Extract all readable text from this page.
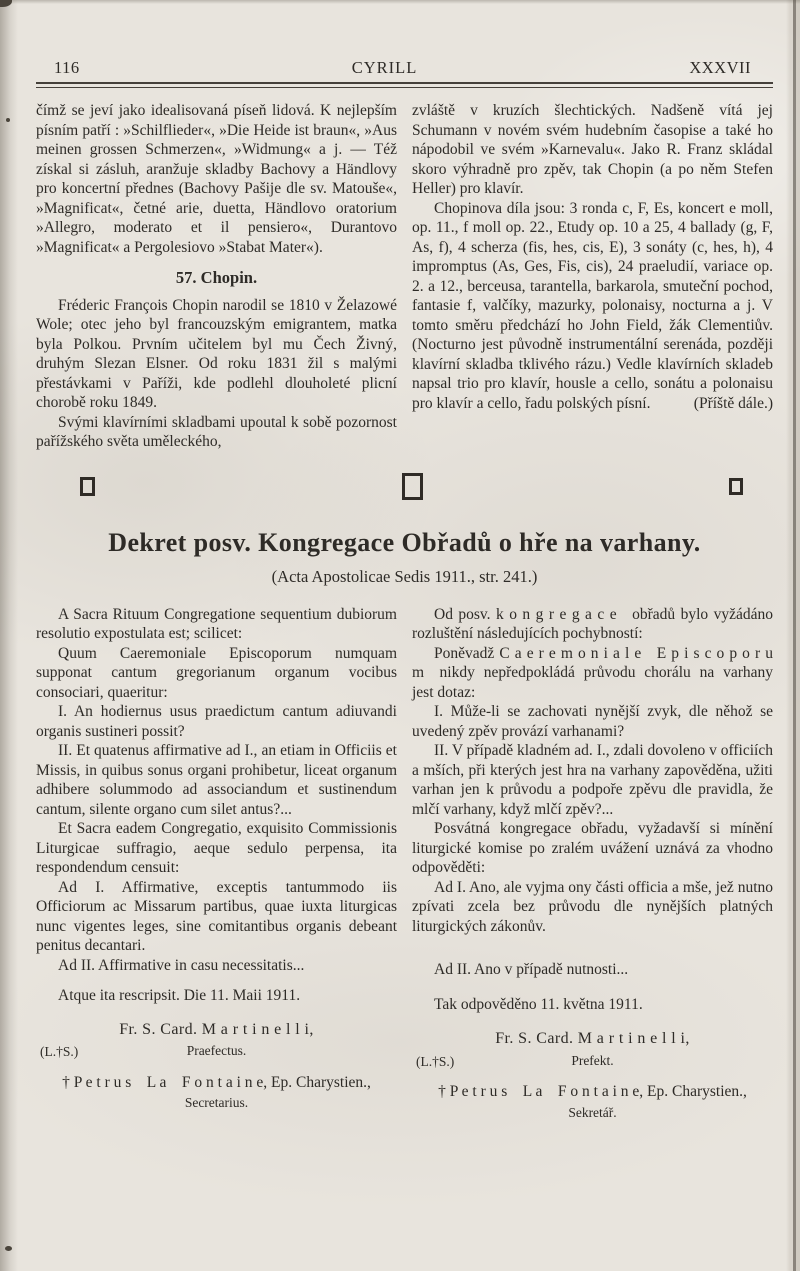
116	CYRILL	XXXVII

čímž se jeví jako idealisovaná píseň lidová. K nejlepším písním patří : »Schilflieder«, »Die Heide ist braun«, »Aus meinen grossen Schmerzen«, »Widmung« a j. — Též získal si zásluh, aranžuje skladby Bachovy a Händlovy pro koncertní přednes (Bachovy Pašije dle sv. Matouše«, »Magnificat«, četné arie, duetta, Händlovo oratorium »Allegro, moderato et il pensiero«, Durantovo »Magnificat« a Pergolesiovo »Stabat Mater«).

57. Chopin.

Fréderic François Chopin narodil se 1810 v Želazowé Wole; otec jeho byl francouzským emigrantem, matka byla Polkou. Prvním učitelem byl mu Čech Živný, druhým Slezan Elsner. Od roku 1831 žil s malými přestávkami v Paříži, kde podlehl dlouholeté plicní chorobě roku 1849.

Svými klavírními skladbami upoutal k sobě pozornost pařížského světa uměleckého,

zvláště v kruzích šlechtických. Nadšeně vítá jej Schumann v novém svém hudebním časopise a také ho nápodobil ve svém »Karnevalu«. Jako R. Franz skládal skoro výhradně pro zpěv, tak Chopin (a po něm Stefen Heller) pro klavír.

Chopinova díla jsou: 3 ronda c, F, Es, koncert e moll, op. 11., f moll op. 22., Etudy op. 10 a 25, 4 ballady (g, F, As, f), 4 scherza (fis, hes, cis, E), 3 sonáty (c, hes, h), 4 impromptus (As, Ges, Fis, cis), 24 praeludií, variace op. 2. a 12., berceusa, tarantella, barkarola, smuteční pochod, fantasie f, valčíky, mazurky, polonaisy, nocturna a j. V tomto směru předchází ho John Field, žák Clementiův. (Nocturno jest původně instrumentální serenáda, později klavírní skladba tklivého rázu.) Vedle klavírních skladeb napsal trio pro klavír, housle a cello, sonátu a polonaisu pro klavír a cello, řadu polských písní.	(Příště dále.)

Dekret posv. Kongregace Obřadů o hře na varhany.
(Acta Apostolicae Sedis 1911., str. 241.)

A Sacra Rituum Congregatione sequentium dubiorum resolutio expostulata est; scilicet:

Quum Caeremoniale Episcoporum numquam supponat cantum gregorianum organum vocibus consociari, quaeritur:

I. An hodiernus usus praedictum cantum adiuvandi organis sustineri possit?

II. Et quatenus affirmative ad I., an etiam in Officiis et Missis, in quibus sonus organi prohibetur, liceat organum adhibere solummodo ad associandum et sustinendum cantum, silente organo cum silet antus?...

Et Sacra eadem Congregatio, exquisito Commissionis Liturgicae suffragio, aeque sedulo perpensa, ita respondendum censuit:

Ad I. Affirmative, exceptis tantummodo iis Officiorum ac Missarum partibus, quae iuxta liturgicas nunc vigentes leges, sine comitantibus organis debeant penitus decantari.

Ad II. Affirmative in casu necessitatis...

Atque ita rescripsit. Die 11. Maii 1911.

Fr. S. Card. M a r t i n e l l i,
(L.†S.)	Praefectus.
† P e t r u s L a F o n t a i n e, Ep. Charystien.,
Secretarius.

Od posv. k o n g r e g a c e obřadů bylo vyžádáno rozluštění následujících pochybností:

Poněvadž C a e r e m o n i a l e E p i s c o p o r u m nikdy nepředpokládá průvodu chorálu na varhany jest dotaz:

I. Může-li se zachovati nynější zvyk, dle něhož se uvedený zpěv provází varhanami?

II. V případě kladném ad. I., zdali dovoleno v officiích a mších, při kterých jest hra na varhany zapověděna, užiti varhan jen k průvodu a podpoře zpěvu dle pravidla, že mlčí varhany, když mlčí zpěv?...

Posvátná kongregace obřadu, vyžadavší si mínění liturgické komise po zralém uvážení uznává za vhodno odpověděti:

Ad I. Ano, ale vyjma ony části officia a mše, jež nutno zpívati zcela bez průvodu dle nynějších platných liturgických zákonův.

Ad II. Ano v případě nutnosti...

Tak odpověděno 11. května 1911.

Fr. S. Card. M a r t i n e l l i,
(L.†S.)	Prefekt.
† P e t r u s L a F o n t a i n e, Ep. Charystien.,
Sekretář.
